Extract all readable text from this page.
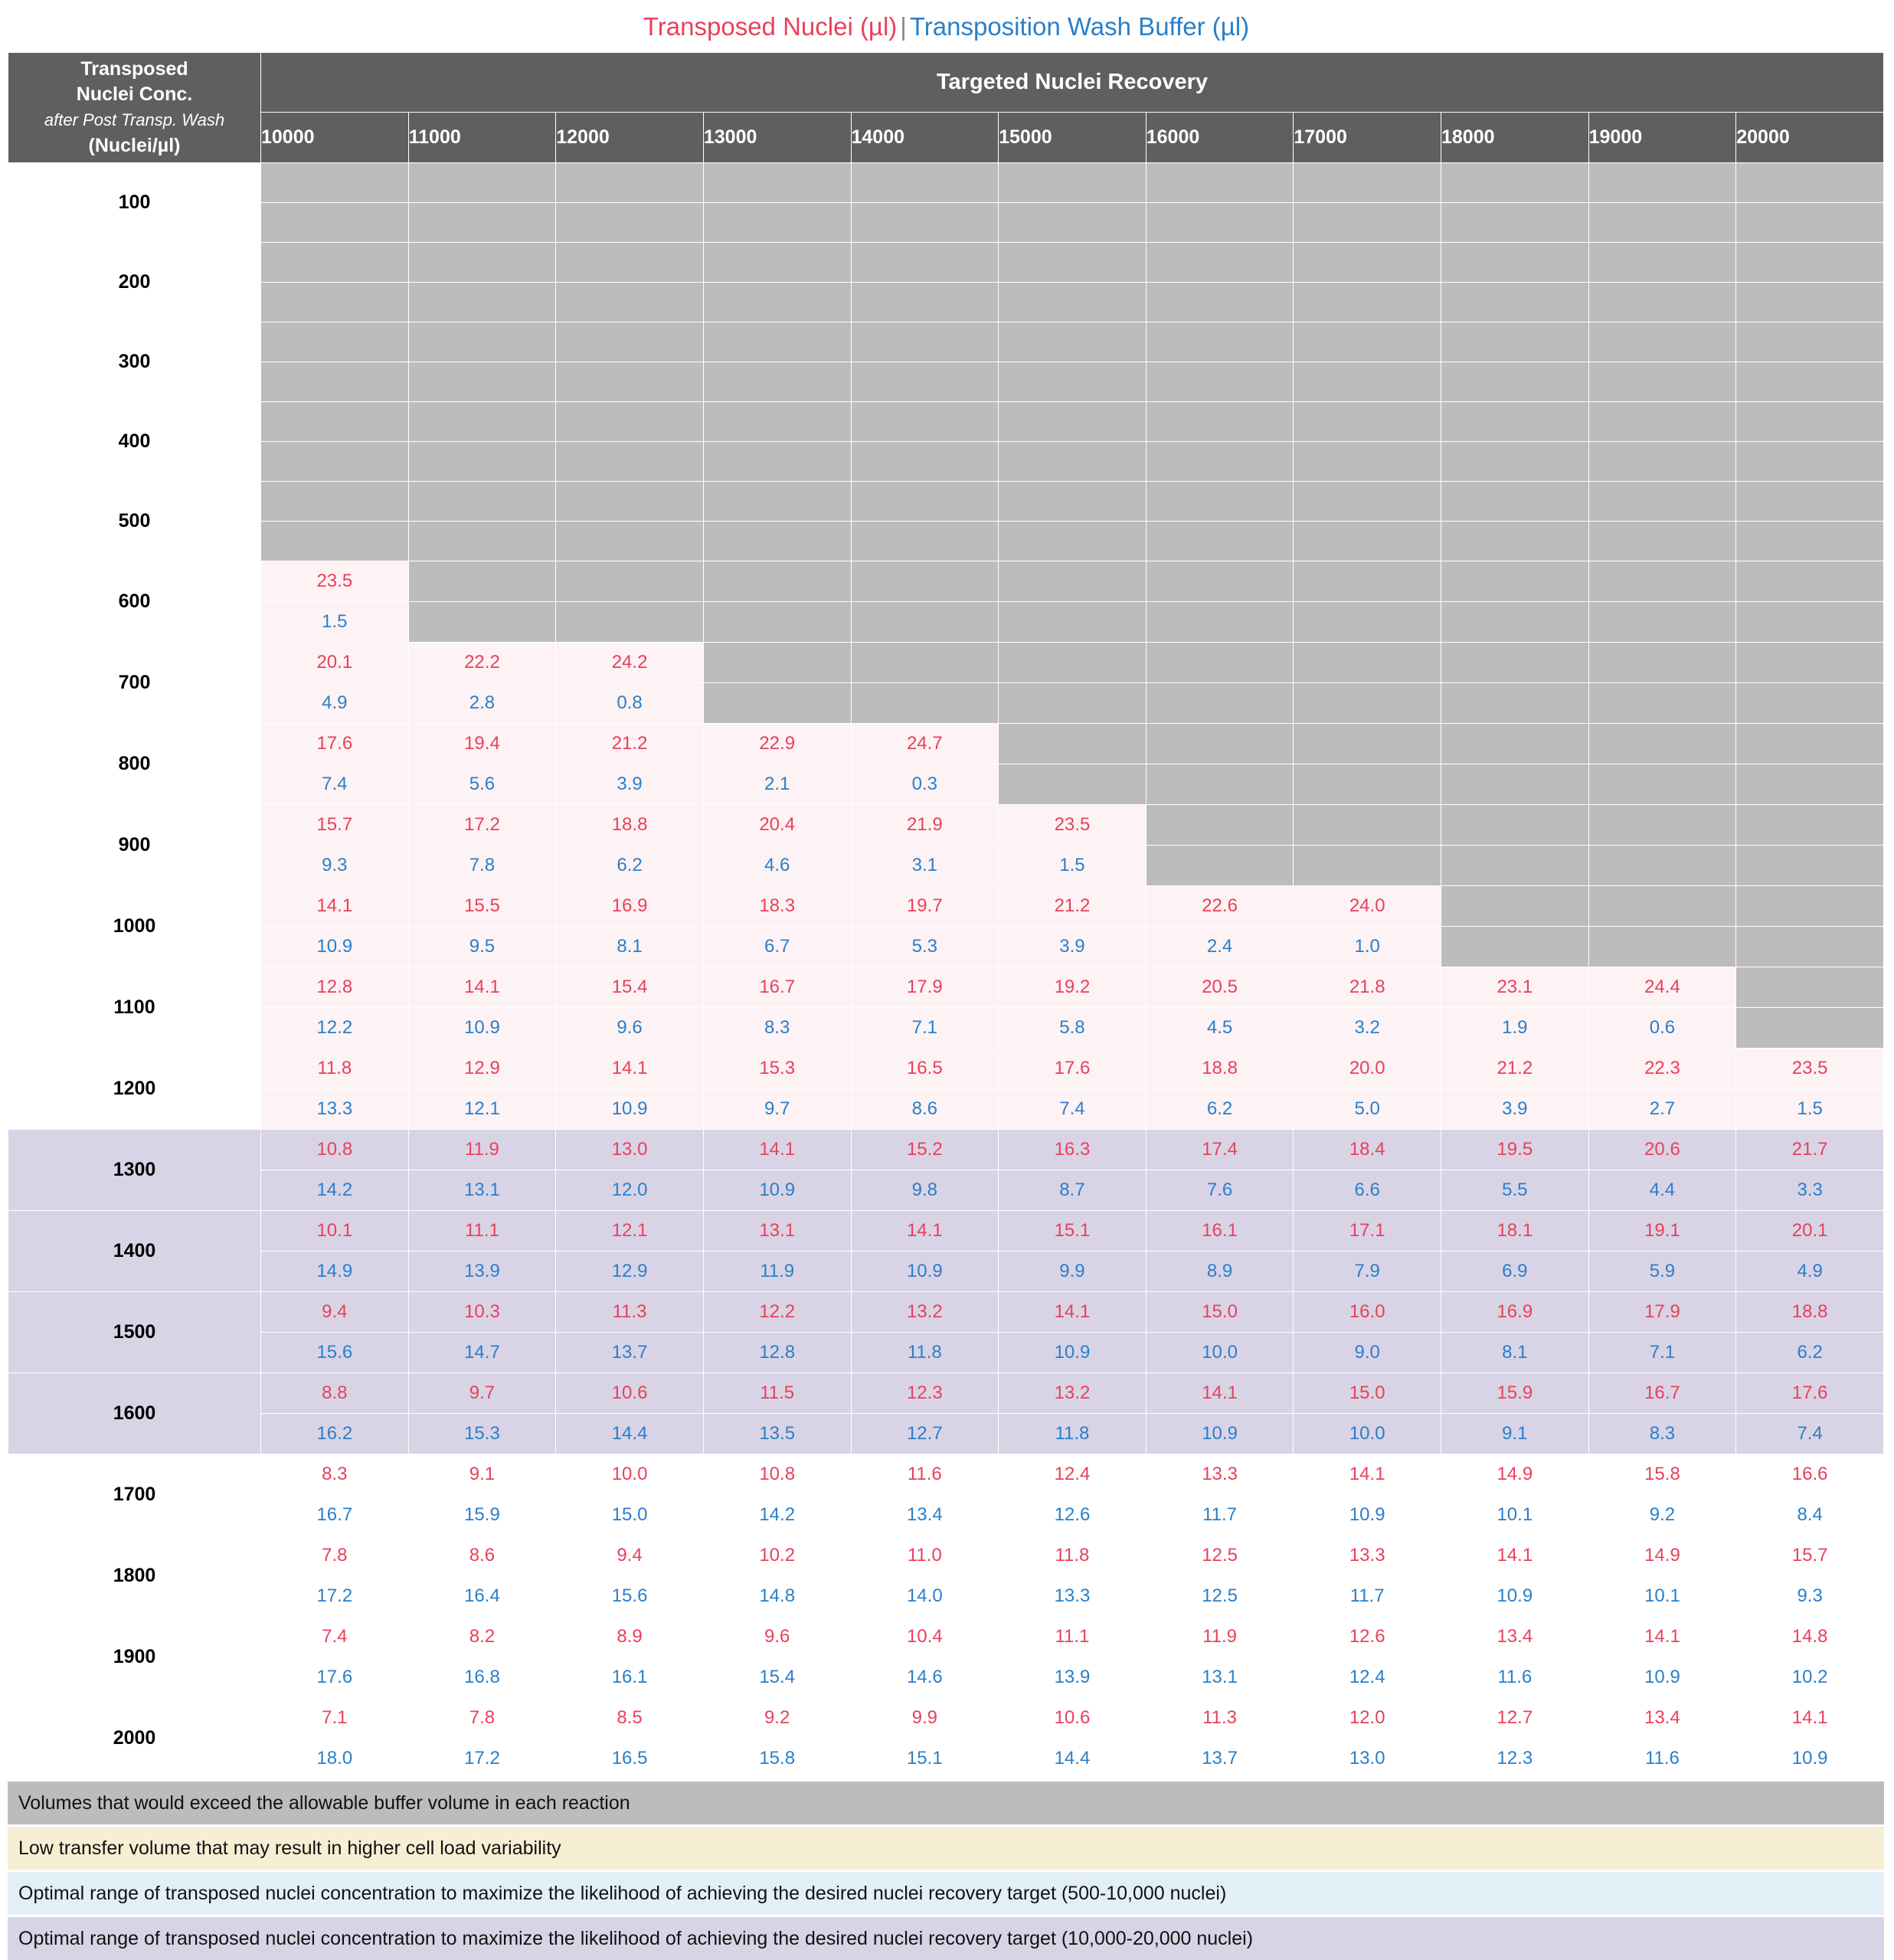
Transposed Nuclei (µl) | Transposition Wash Buffer (µl)
Transposed
Nuclei Conc.
after Post Transp. Wash
(Nuclei/µl)	Targeted Nuclei Recovery										
	10000	11000	12000	13000	14000	15000	16000	17000	18000	19000	20000
100											

200											

300											

400											

500											

600	23.5										
	1.5										
700	20.1	22.2	24.2								
	4.9	2.8	0.8								
800	17.6	19.4	21.2	22.9	24.7						
	7.4	5.6	3.9	2.1	0.3						
900	15.7	17.2	18.8	20.4	21.9	23.5					
	9.3	7.8	6.2	4.6	3.1	1.5					
1000	14.1	15.5	16.9	18.3	19.7	21.2	22.6	24.0			
	10.9	9.5	8.1	6.7	5.3	3.9	2.4	1.0			
1100	12.8	14.1	15.4	16.7	17.9	19.2	20.5	21.8	23.1	24.4	
	12.2	10.9	9.6	8.3	7.1	5.8	4.5	3.2	1.9	0.6	
1200	11.8	12.9	14.1	15.3	16.5	17.6	18.8	20.0	21.2	22.3	23.5
	13.3	12.1	10.9	9.7	8.6	7.4	6.2	5.0	3.9	2.7	1.5
1300	10.8	11.9	13.0	14.1	15.2	16.3	17.4	18.4	19.5	20.6	21.7
	14.2	13.1	12.0	10.9	9.8	8.7	7.6	6.6	5.5	4.4	3.3
1400	10.1	11.1	12.1	13.1	14.1	15.1	16.1	17.1	18.1	19.1	20.1
	14.9	13.9	12.9	11.9	10.9	9.9	8.9	7.9	6.9	5.9	4.9
1500	9.4	10.3	11.3	12.2	13.2	14.1	15.0	16.0	16.9	17.9	18.8
	15.6	14.7	13.7	12.8	11.8	10.9	10.0	9.0	8.1	7.1	6.2
1600	8.8	9.7	10.6	11.5	12.3	13.2	14.1	15.0	15.9	16.7	17.6
	16.2	15.3	14.4	13.5	12.7	11.8	10.9	10.0	9.1	8.3	7.4
1700	8.3	9.1	10.0	10.8	11.6	12.4	13.3	14.1	14.9	15.8	16.6
	16.7	15.9	15.0	14.2	13.4	12.6	11.7	10.9	10.1	9.2	8.4
1800	7.8	8.6	9.4	10.2	11.0	11.8	12.5	13.3	14.1	14.9	15.7
	17.2	16.4	15.6	14.8	14.0	13.3	12.5	11.7	10.9	10.1	9.3
1900	7.4	8.2	8.9	9.6	10.4	11.1	11.9	12.6	13.4	14.1	14.8
	17.6	16.8	16.1	15.4	14.6	13.9	13.1	12.4	11.6	10.9	10.2
2000	7.1	7.8	8.5	9.2	9.9	10.6	11.3	12.0	12.7	13.4	14.1
	18.0	17.2	16.5	15.8	15.1	14.4	13.7	13.0	12.3	11.6	10.9
Volumes that would exceed the allowable buffer volume in each reaction
Low transfer volume that may result in higher cell load variability
Optimal range of transposed nuclei concentration to maximize the likelihood of achieving the desired nuclei recovery target (500-10,000 nuclei)
Optimal range of transposed nuclei concentration to maximize the likelihood of achieving the desired nuclei recovery target (10,000-20,000 nuclei)
